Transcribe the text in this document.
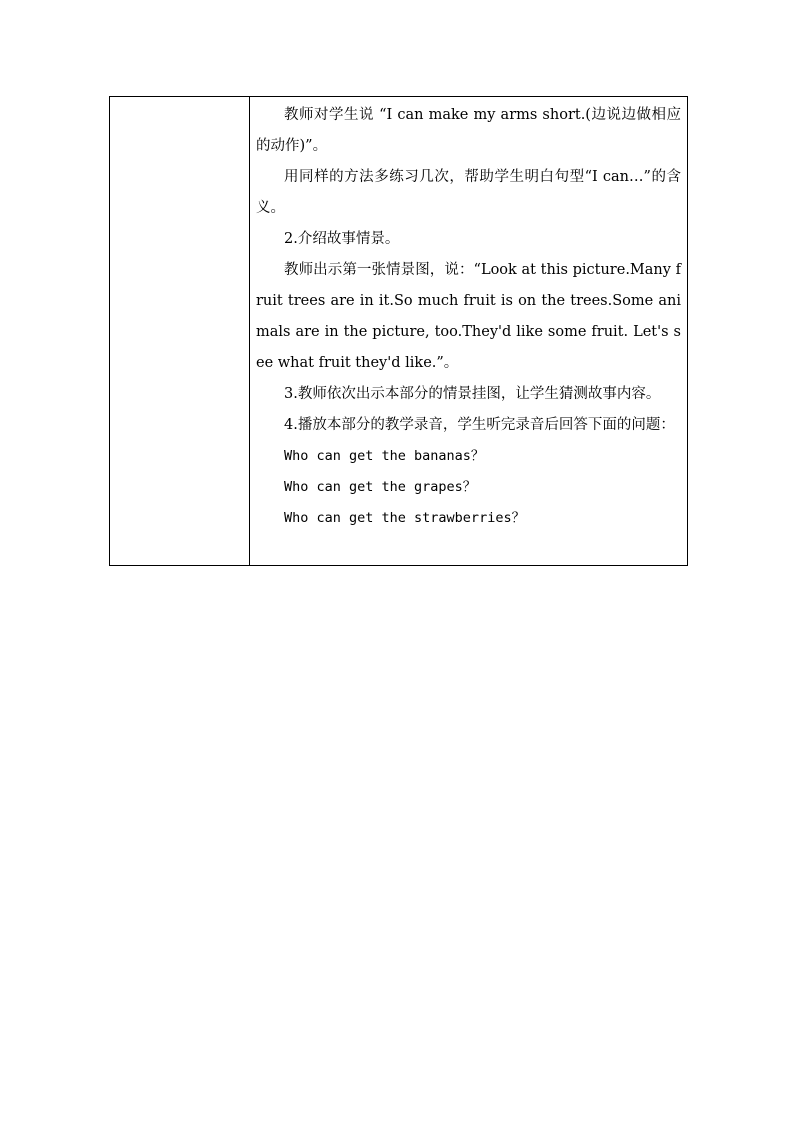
教师对学生说 “I can make my arms short.(边说边做相应的动作)”。

用同样的方法多练习几次，帮助学生明白句型“I can…”的含义。

2.介绍故事情景。

教师出示第一张情景图，说：“Look at this picture.Many fruit trees are in it.So much fruit is on the trees.Some animals are in the picture, too.They'd like some fruit. Let's see what fruit they'd like.”。

3.教师依次出示本部分的情景挂图，让学生猜测故事内容。

4.播放本部分的教学录音，学生听完录音后回答下面的问题：

Who can get the bananas？

Who can get the grapes？

Who can get the strawberries？
